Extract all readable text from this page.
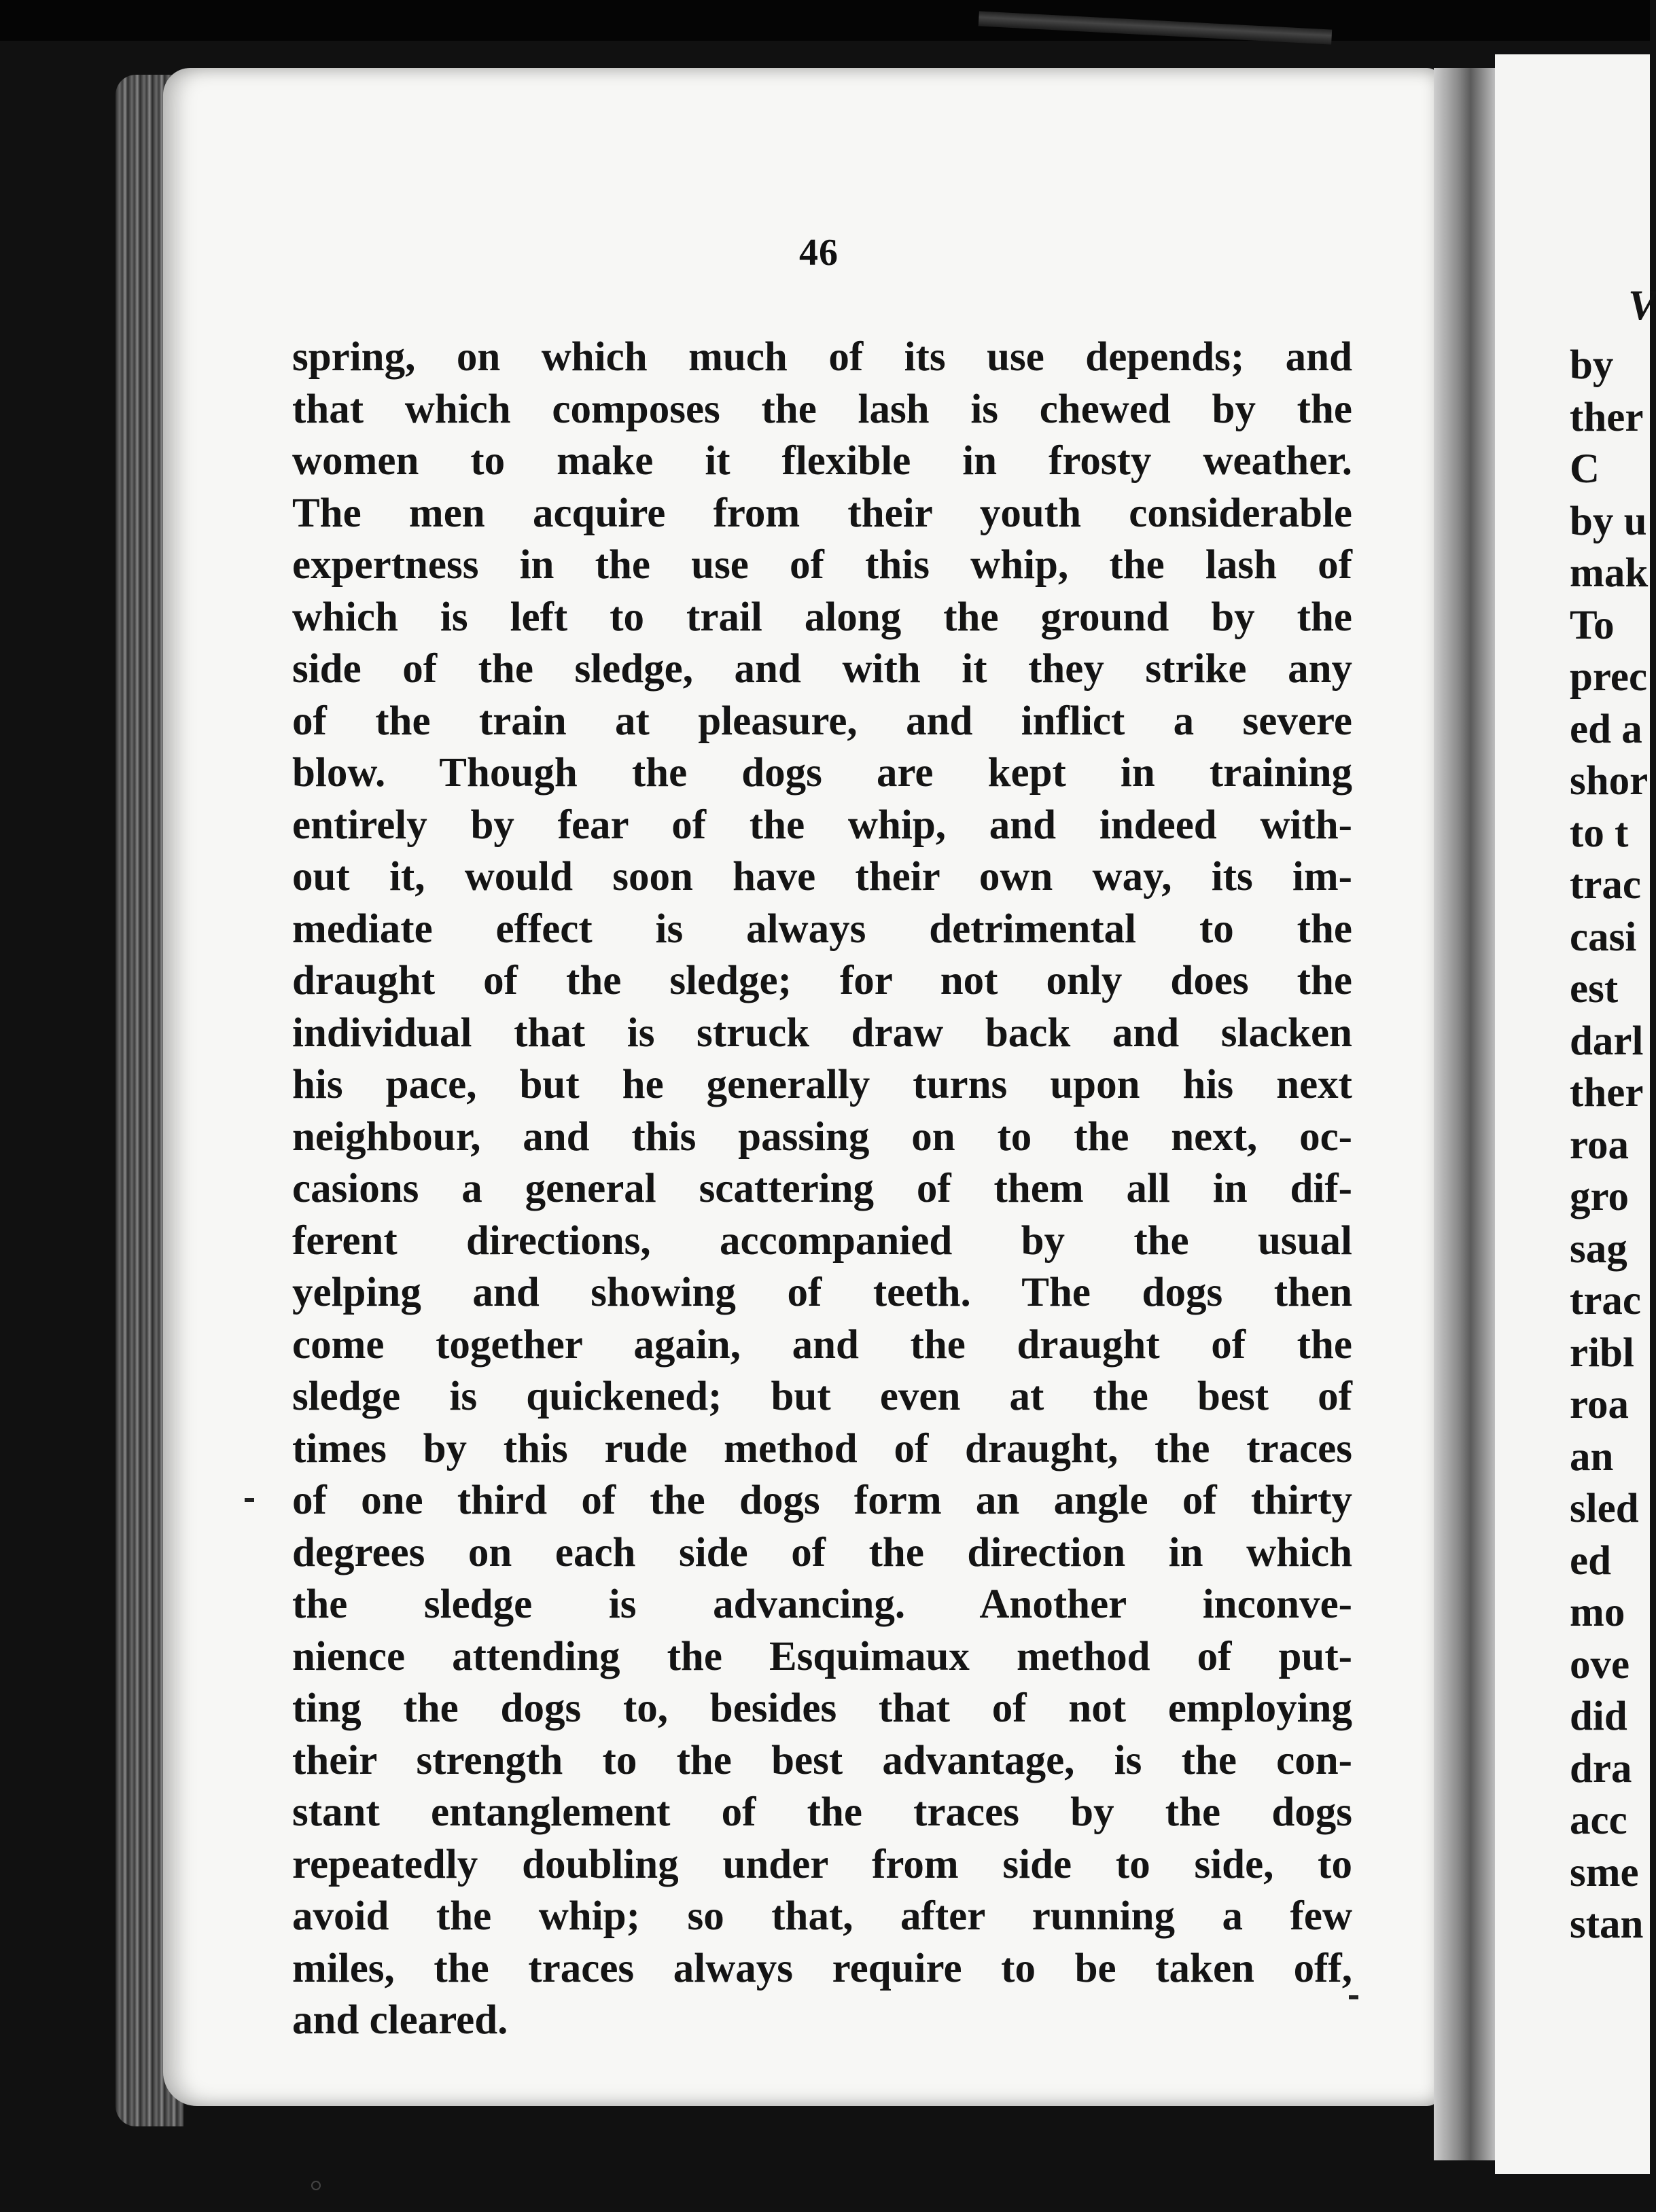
46
spring, on which much of its use depends; and
that which composes the lash is chewed by the
women to make it flexible in frosty weather.
The men acquire from their youth considerable
expertness in the use of this whip, the lash of
which is left to trail along the ground by the
side of the sledge, and with it they strike any
of the train at pleasure, and inflict a severe
blow. Though the dogs are kept in training
entirely by fear of the whip, and indeed with-
out it, would soon have their own way, its im-
mediate effect is always detrimental to the
draught of the sledge; for not only does the
individual that is struck draw back and slacken
his pace, but he generally turns upon his next
neighbour, and this passing on to the next, oc-
casions a general scattering of them all in dif-
ferent directions, accompanied by the usual
yelping and showing of teeth. The dogs then
come together again, and the draught of the
sledge is quickened; but even at the best of
times by this rude method of draught, the traces
of one third of the dogs form an angle of thirty
degrees on each side of the direction in which
the sledge is advancing. Another inconve-
nience attending the Esquimaux method of put-
ting the dogs to, besides that of not employing
their strength to the best advantage, is the con-
stant entanglement of the traces by the dogs
repeatedly doubling under from side to side, to
avoid the whip; so that, after running a few
miles, the traces always require to be taken off,
and cleared.
V
by
ther
C
by u
mak
To
prec
ed a
shor
to t
trac
casi
est
darl
ther
roa
gro
sag
trac
ribl
roa
an
sled
ed
mo
ove
did
dra
acc
sme
stan
